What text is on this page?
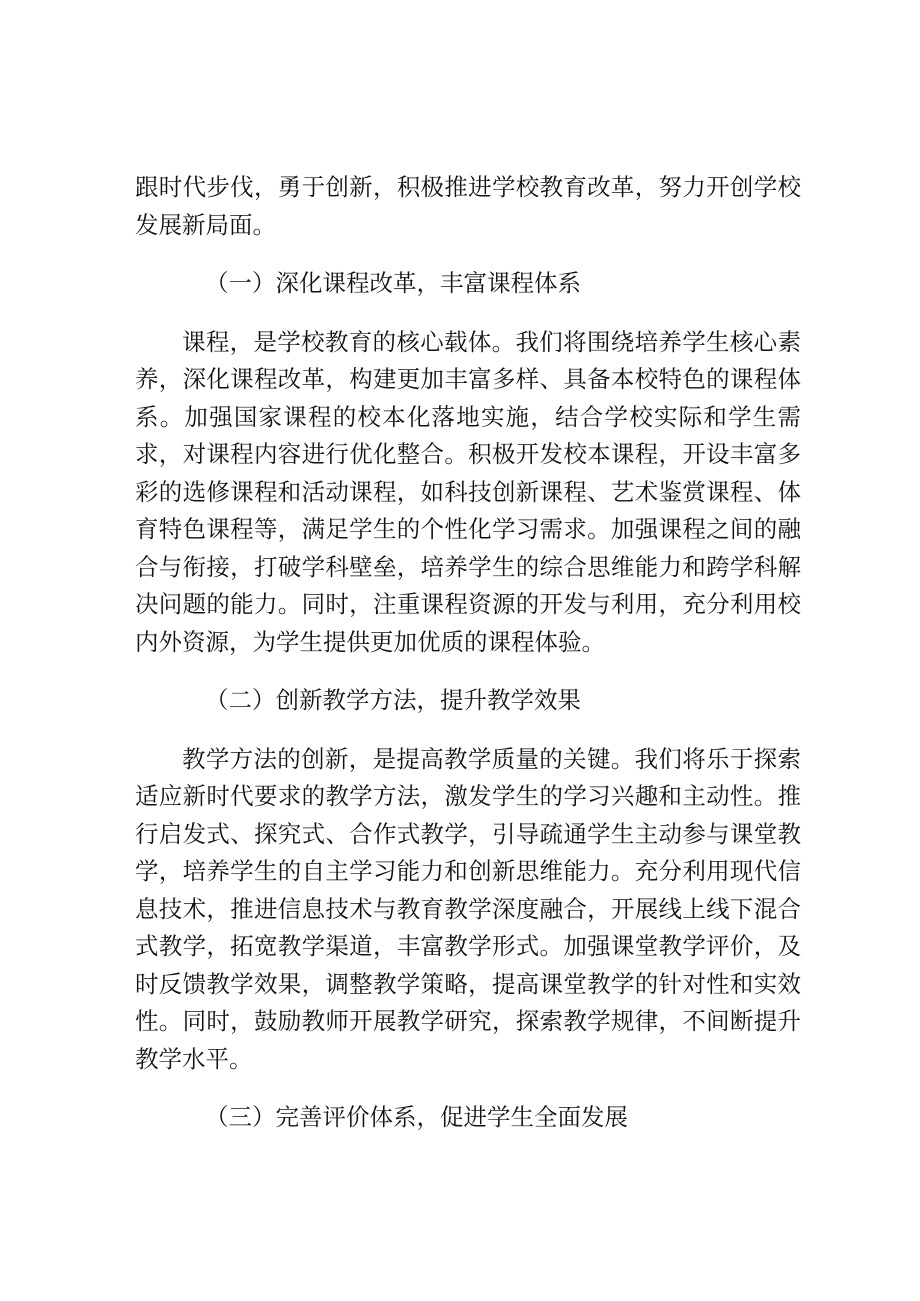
跟时代步伐，勇于创新，积极推进学校教育改革，努力开创学校发展新局面。

（一）深化课程改革，丰富课程体系

课程，是学校教育的核心载体。我们将围绕培养学生核心素养，深化课程改革，构建更加丰富多样、具备本校特色的课程体系。加强国家课程的校本化落地实施，结合学校实际和学生需求，对课程内容进行优化整合。积极开发校本课程，开设丰富多彩的选修课程和活动课程，如科技创新课程、艺术鉴赏课程、体育特色课程等，满足学生的个性化学习需求。加强课程之间的融合与衔接，打破学科壁垒，培养学生的综合思维能力和跨学科解决问题的能力。同时，注重课程资源的开发与利用，充分利用校内外资源，为学生提供更加优质的课程体验。

（二）创新教学方法，提升教学效果

教学方法的创新，是提高教学质量的关键。我们将乐于探索适应新时代要求的教学方法，激发学生的学习兴趣和主动性。推行启发式、探究式、合作式教学，引导疏通学生主动参与课堂教学，培养学生的自主学习能力和创新思维能力。充分利用现代信息技术，推进信息技术与教育教学深度融合，开展线上线下混合式教学，拓宽教学渠道，丰富教学形式。加强课堂教学评价，及时反馈教学效果，调整教学策略，提高课堂教学的针对性和实效性。同时，鼓励教师开展教学研究，探索教学规律，不间断提升教学水平。

（三）完善评价体系，促进学生全面发展
